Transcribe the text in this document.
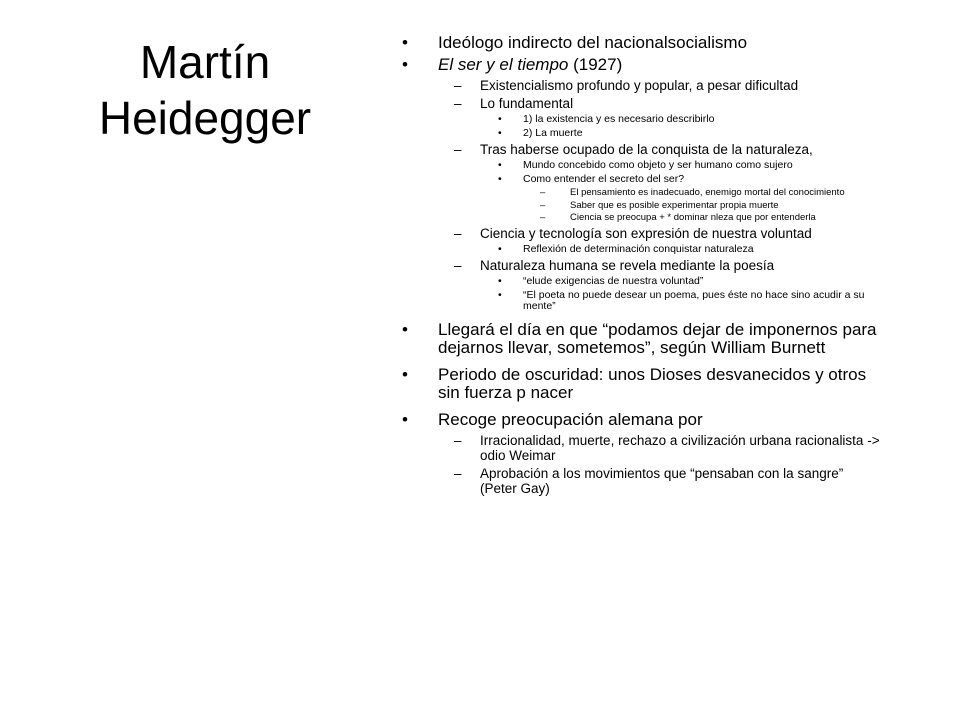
Martín
Heidegger
• Ideólogo indirecto del nacionalsocialismo
• El ser y el tiempo (1927)
– Existencialismo profundo y popular, a pesar dificultad
– Lo fundamental
• 1) la existencia y es necesario describirlo
• 2) La muerte
– Tras haberse ocupado de la conquista de la naturaleza,
• Mundo concebido como objeto y ser humano como sujero
• Como entender el secreto del ser?
–	El pensamiento es inadecuado, enemigo mortal del conocimiento
–	Saber que es posible experimentar propia muerte
–	Ciencia se preocupa + * dominar nleza que por entenderla
– Ciencia y tecnología son expresión de nuestra voluntad
• Reflexión de determinación conquistar naturaleza
– Naturaleza humana se revela mediante la poesía
• “elude exigencias de nuestra voluntad”
• “El poeta no puede desear un poema, pues éste no hace sino acudir a su mente”
• Llegará el día en que “podamos dejar de imponernos para dejarnos llevar, sometemos”, según William Burnett
• Periodo de oscuridad: unos Dioses desvanecidos y otros sin fuerza p nacer
• Recoge preocupación alemana por
– Irracionalidad, muerte, rechazo a civilización urbana racionalista -> odio Weimar
– Aprobación a los movimientos que “pensaban con la sangre” (Peter Gay)
